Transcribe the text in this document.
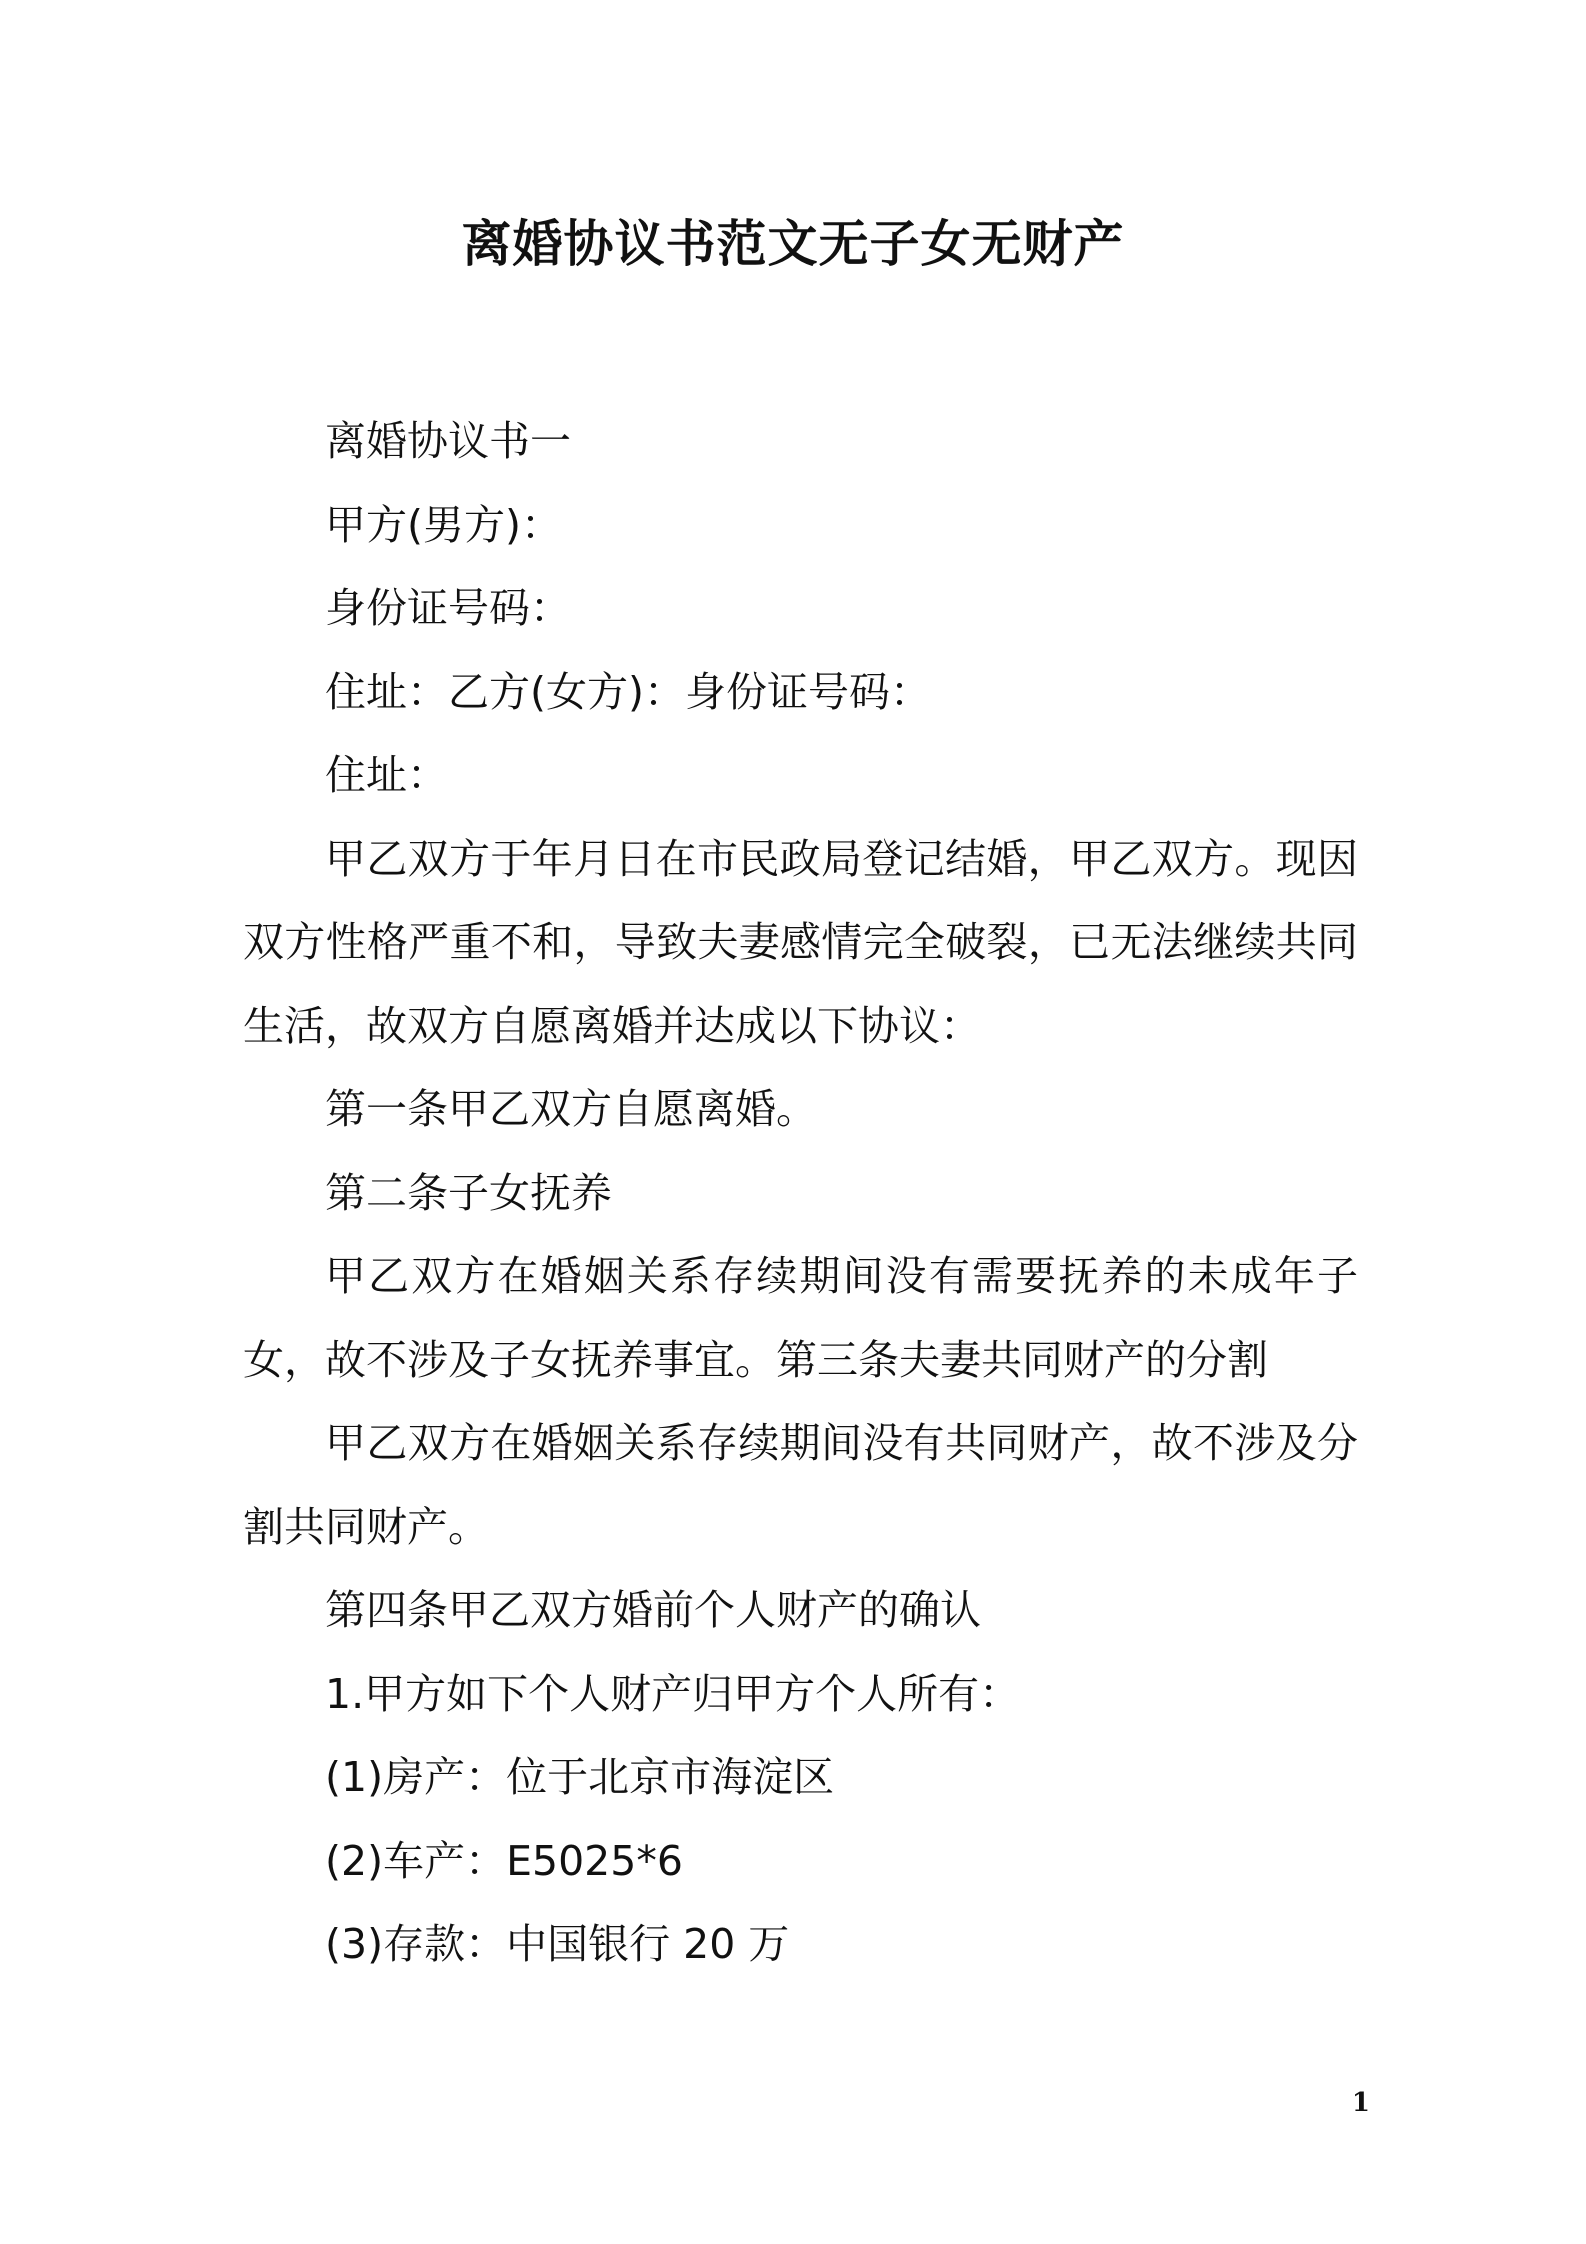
离婚协议书范文无子女无财产

离婚协议书一

甲方(男方)：

身份证号码：

住址：乙方(女方)：身份证号码：

住址：

甲乙双方于年月日在市民政局登记结婚，甲乙双方。现因双方性格严重不和，导致夫妻感情完全破裂，已无法继续共同生活，故双方自愿离婚并达成以下协议：

第一条甲乙双方自愿离婚。

第二条子女抚养

甲乙双方在婚姻关系存续期间没有需要抚养的未成年子女，故不涉及子女抚养事宜。第三条夫妻共同财产的分割

甲乙双方在婚姻关系存续期间没有共同财产，故不涉及分割共同财产。

第四条甲乙双方婚前个人财产的确认

1.甲方如下个人财产归甲方个人所有：

(1)房产：位于北京市海淀区

(2)车产：E5025*6

(3)存款：中国银行 20 万

1
